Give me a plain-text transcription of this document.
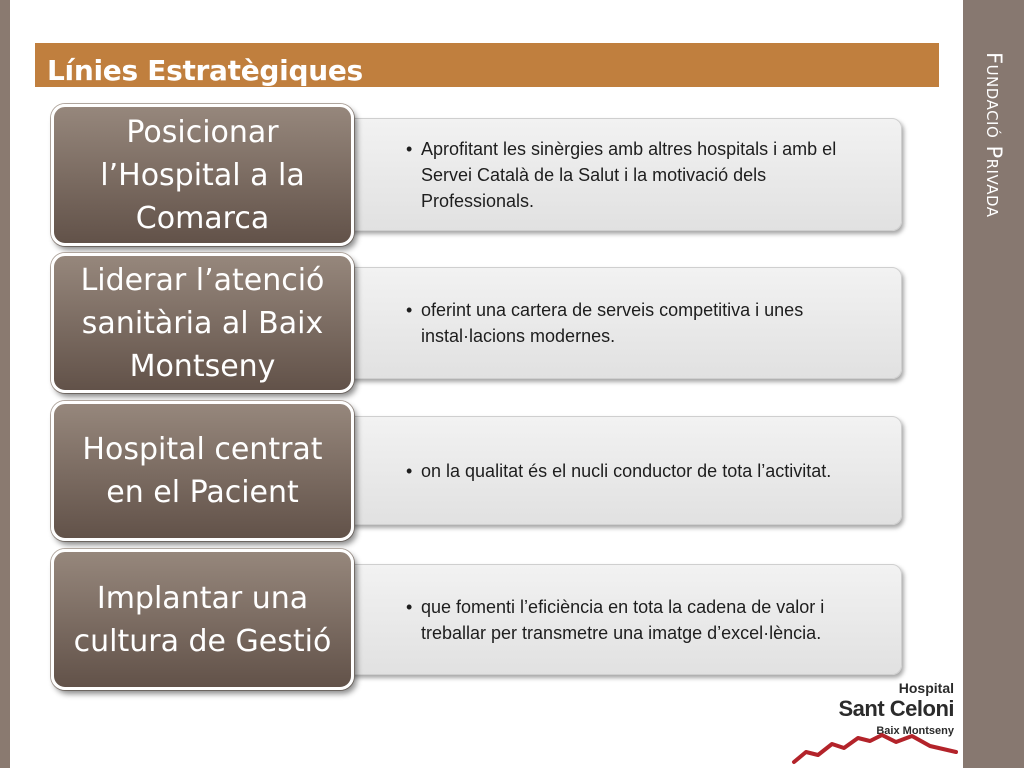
Fundació Privada
Línies Estratègiques
• Aprofitant les sinèrgies amb altres hospitals i amb el Servei Català de la Salut i la motivació dels Professionals.
Posicionar l’Hospital a la Comarca
• oferint una cartera de serveis competitiva i unes instal·lacions modernes.
Liderar l’atenció sanitària al Baix Montseny
• on la qualitat és el nucli conductor de tota l’activitat.
Hospital centrat en el Pacient
• que fomenti l’eficiència en tota la cadena de valor i treballar per transmetre una imatge d’excel·lència.
Implantar una cultura de Gestió
Hospital
Sant Celoni
Baix Montseny
